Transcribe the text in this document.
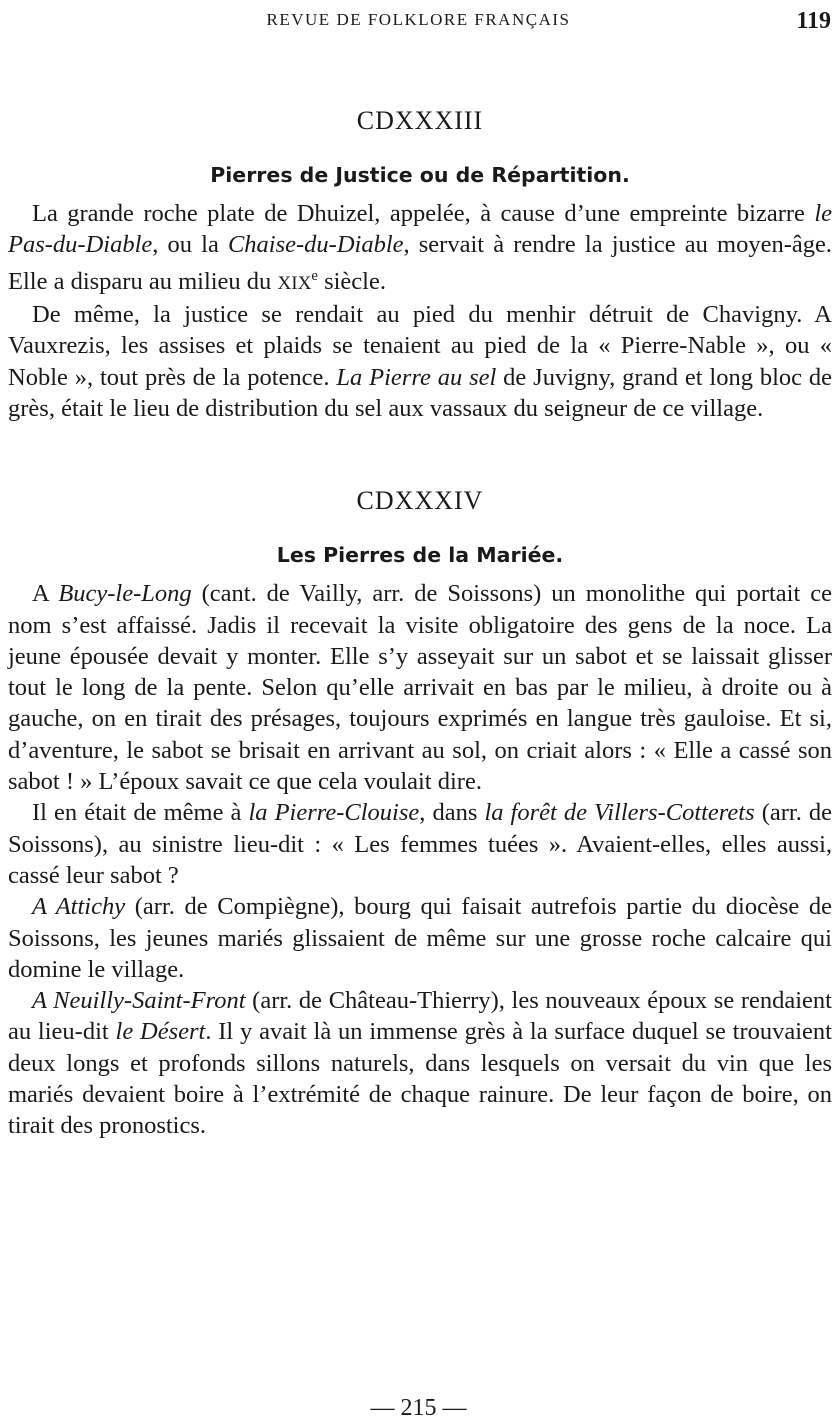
REVUE DE FOLKLORE FRANÇAIS	119
CDXXXIII
Pierres de Justice ou de Répartition.

La grande roche plate de Dhuizel, appelée, à cause d’une empreinte bizarre le Pas-du-Diable, ou la Chaise-du-Diable, servait à rendre la justice au moyen-âge. Elle a disparu au milieu du XIXe siècle.

De même, la justice se rendait au pied du menhir détruit de Chavigny. A Vauxrezis, les assises et plaids se tenaient au pied de la « Pierre-Nable », ou « Noble », tout près de la potence. La Pierre au sel de Juvigny, grand et long bloc de grès, était le lieu de distribution du sel aux vassaux du seigneur de ce village.

CDXXXIV
Les Pierres de la Mariée.

A Bucy-le-Long (cant. de Vailly, arr. de Soissons) un monolithe qui portait ce nom s’est affaissé. Jadis il recevait la visite obligatoire des gens de la noce. La jeune épousée devait y monter. Elle s’y asseyait sur un sabot et se laissait glisser tout le long de la pente. Selon qu’elle arrivait en bas par le milieu, à droite ou à gauche, on en tirait des présages, toujours exprimés en langue très gauloise. Et si, d’aventure, le sabot se brisait en arrivant au sol, on criait alors : « Elle a cassé son sabot ! » L’époux savait ce que cela voulait dire.

Il en était de même à la Pierre-Clouise, dans la forêt de Villers-Cotterets (arr. de Soissons), au sinistre lieu-dit : « Les femmes tuées ». Avaient-elles, elles aussi, cassé leur sabot ?

A Attichy (arr. de Compiègne), bourg qui faisait autrefois partie du diocèse de Soissons, les jeunes mariés glissaient de même sur une grosse roche calcaire qui domine le village.

A Neuilly-Saint-Front (arr. de Château-Thierry), les nouveaux époux se rendaient au lieu-dit le Désert. Il y avait là un immense grès à la surface duquel se trouvaient deux longs et profonds sillons naturels, dans lesquels on versait du vin que les mariés devaient boire à l’extrémité de chaque rainure. De leur façon de boire, on tirait des pronostics.

— 215 —
